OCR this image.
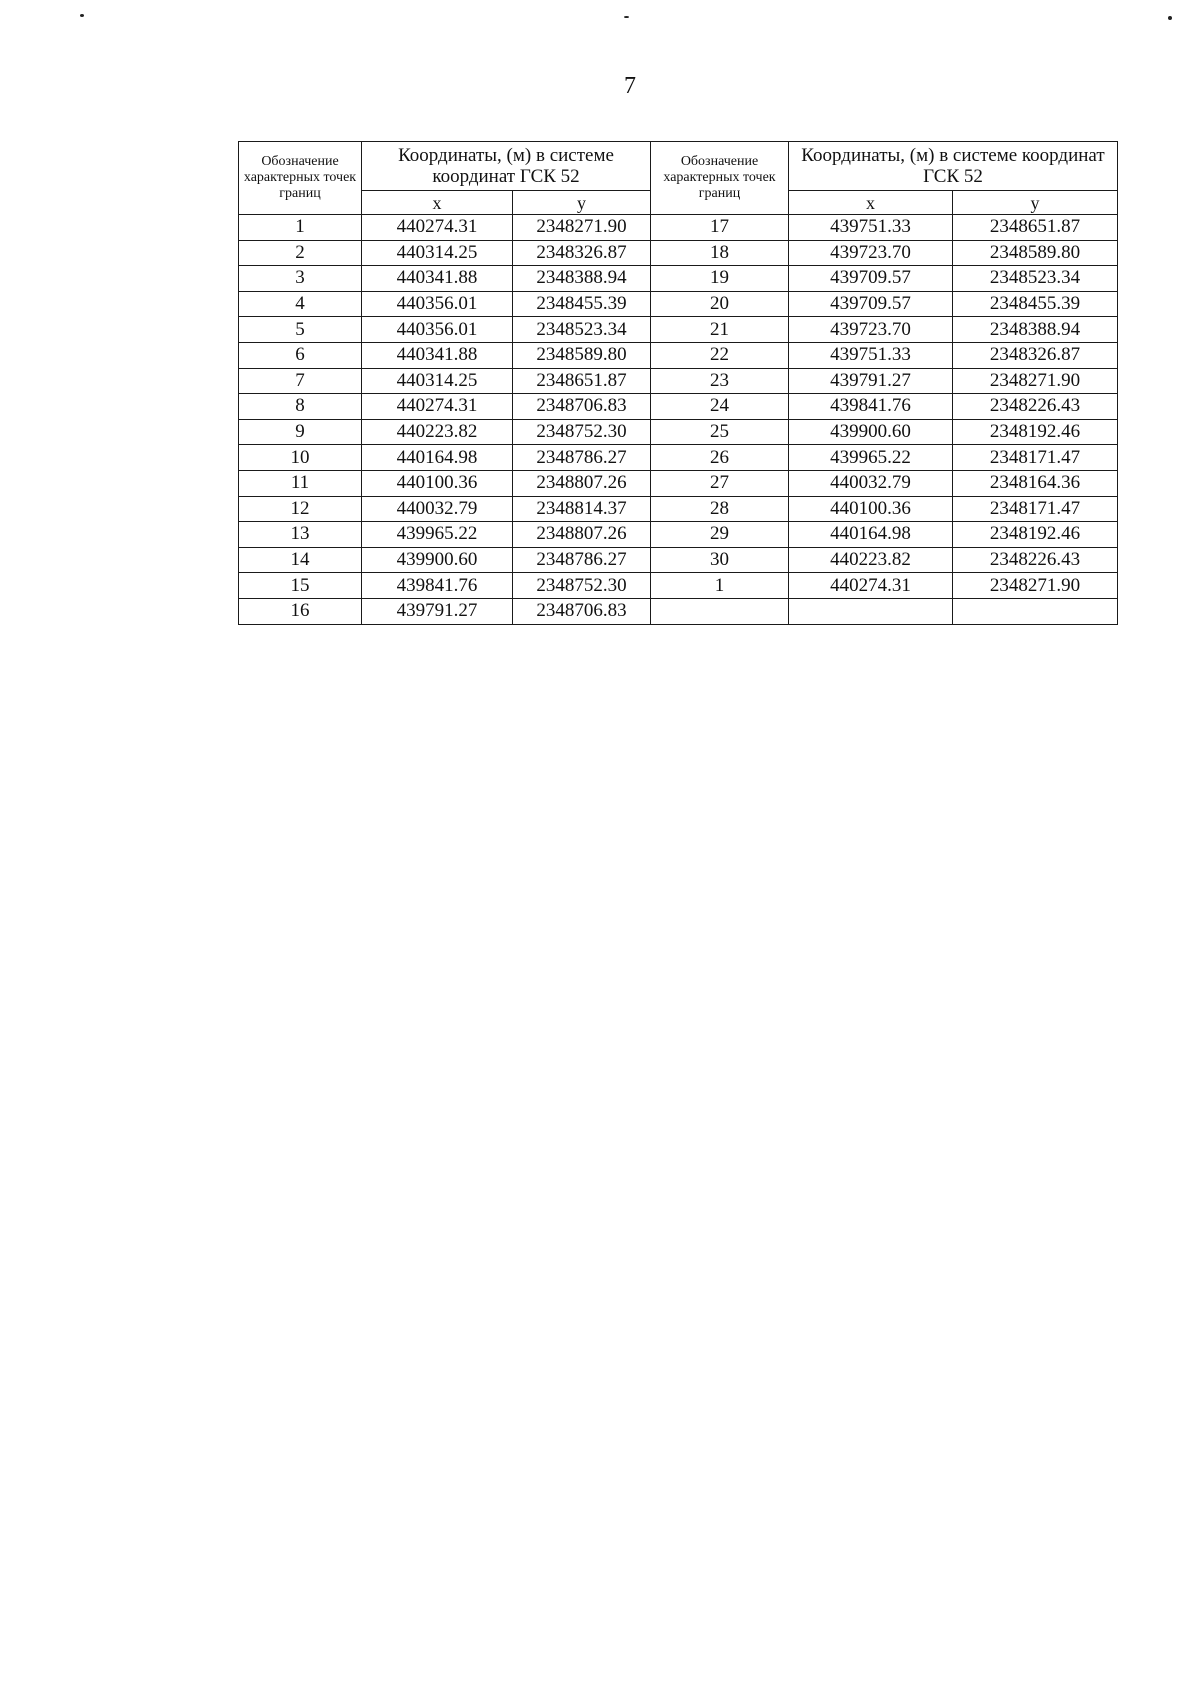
7
Обозначение характерных точек границ	Координаты, (м) в системе координат ГСК 52		Обозначение характерных точек границ	Координаты, (м) в системе координат ГСК 52	
	x	y		x	y
1	440274.31	2348271.90	17	439751.33	2348651.87
2	440314.25	2348326.87	18	439723.70	2348589.80
3	440341.88	2348388.94	19	439709.57	2348523.34
4	440356.01	2348455.39	20	439709.57	2348455.39
5	440356.01	2348523.34	21	439723.70	2348388.94
6	440341.88	2348589.80	22	439751.33	2348326.87
7	440314.25	2348651.87	23	439791.27	2348271.90
8	440274.31	2348706.83	24	439841.76	2348226.43
9	440223.82	2348752.30	25	439900.60	2348192.46
10	440164.98	2348786.27	26	439965.22	2348171.47
11	440100.36	2348807.26	27	440032.79	2348164.36
12	440032.79	2348814.37	28	440100.36	2348171.47
13	439965.22	2348807.26	29	440164.98	2348192.46
14	439900.60	2348786.27	30	440223.82	2348226.43
15	439841.76	2348752.30	1	440274.31	2348271.90
16	439791.27	2348706.83			
